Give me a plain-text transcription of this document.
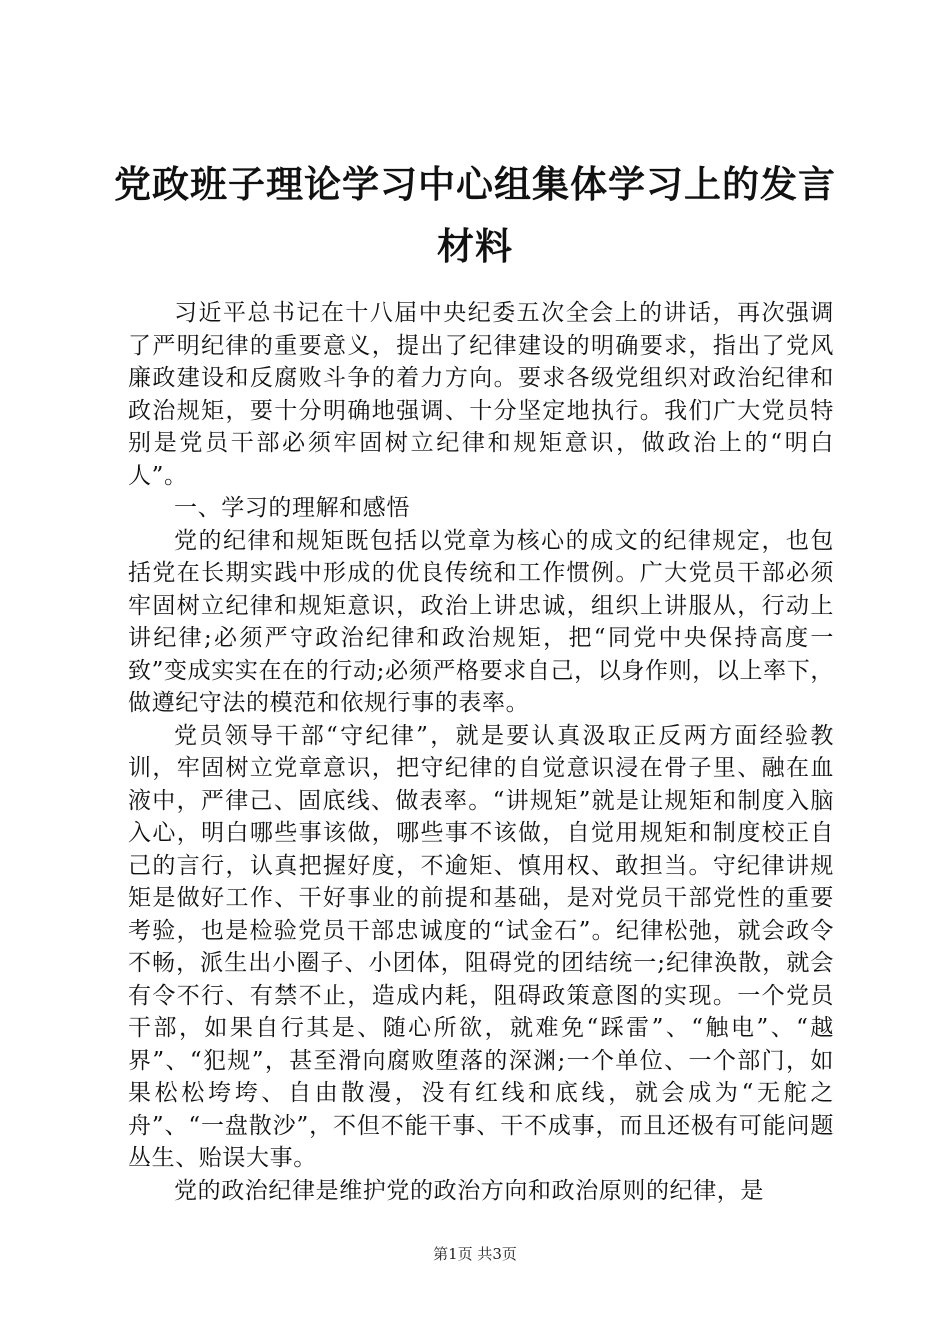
党政班子理论学习中心组集体学习上的发言材料

习近平总书记在十八届中央纪委五次全会上的讲话，再次强调了严明纪律的重要意义，提出了纪律建设的明确要求，指出了党风廉政建设和反腐败斗争的着力方向。要求各级党组织对政治纪律和政治规矩，要十分明确地强调、十分坚定地执行。我们广大党员特别是党员干部必须牢固树立纪律和规矩意识，做政治上的“明白人”。

一、学习的理解和感悟

党的纪律和规矩既包括以党章为核心的成文的纪律规定，也包括党在长期实践中形成的优良传统和工作惯例。广大党员干部必须牢固树立纪律和规矩意识，政治上讲忠诚，组织上讲服从，行动上讲纪律;必须严守政治纪律和政治规矩，把“同党中央保持高度一致”变成实实在在的行动;必须严格要求自己，以身作则，以上率下，做遵纪守法的模范和依规行事的表率。

党员领导干部“守纪律”，就是要认真汲取正反两方面经验教训，牢固树立党章意识，把守纪律的自觉意识浸在骨子里、融在血液中，严律己、固底线、做表率。“讲规矩”就是让规矩和制度入脑入心，明白哪些事该做，哪些事不该做，自觉用规矩和制度校正自己的言行，认真把握好度，不逾矩、慎用权、敢担当。守纪律讲规矩是做好工作、干好事业的前提和基础，是对党员干部党性的重要考验，也是检验党员干部忠诚度的“试金石”。纪律松弛，就会政令不畅，派生出小圈子、小团体，阻碍党的团结统一;纪律涣散，就会有令不行、有禁不止，造成内耗，阻碍政策意图的实现。一个党员干部，如果自行其是、随心所欲，就难免“踩雷”、“触电”、“越界”、“犯规”，甚至滑向腐败堕落的深渊;一个单位、一个部门，如果松松垮垮、自由散漫，没有红线和底线，就会成为“无舵之舟”、“一盘散沙”，不但不能干事、干不成事，而且还极有可能问题丛生、贻误大事。

党的政治纪律是维护党的政治方向和政治原则的纪律，是

第1页 共3页
